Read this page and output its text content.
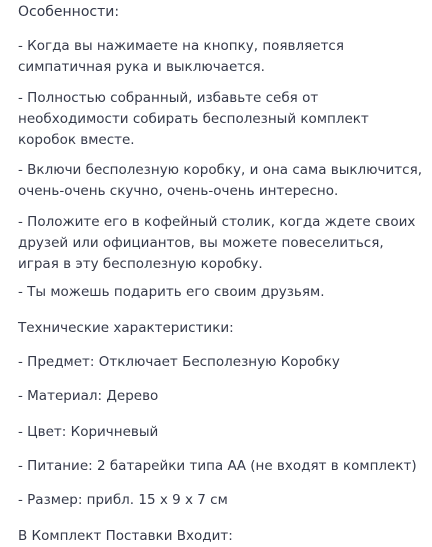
Особенности:
- Когда вы нажимаете на кнопку, появляется
симпатичная рука и выключается.
- Полностью собранный, избавьте себя от
необходимости собирать бесполезный комплект
коробок вместе.
- Включи бесполезную коробку, и она сама выключится,
очень-очень скучно, очень-очень интересно.
- Положите его в кофейный столик, когда ждете своих
друзей или официантов, вы можете повеселиться,
играя в эту бесполезную коробку.
- Ты можешь подарить его своим друзьям.
Технические характеристики:
- Предмет: Отключает Бесполезную Коробку
- Материал: Дерево
- Цвет: Коричневый
- Питание: 2 батарейки типа АА (не входят в комплект)
- Размер: прибл. 15 x 9 x 7 см
В Комплект Поставки Входит:
